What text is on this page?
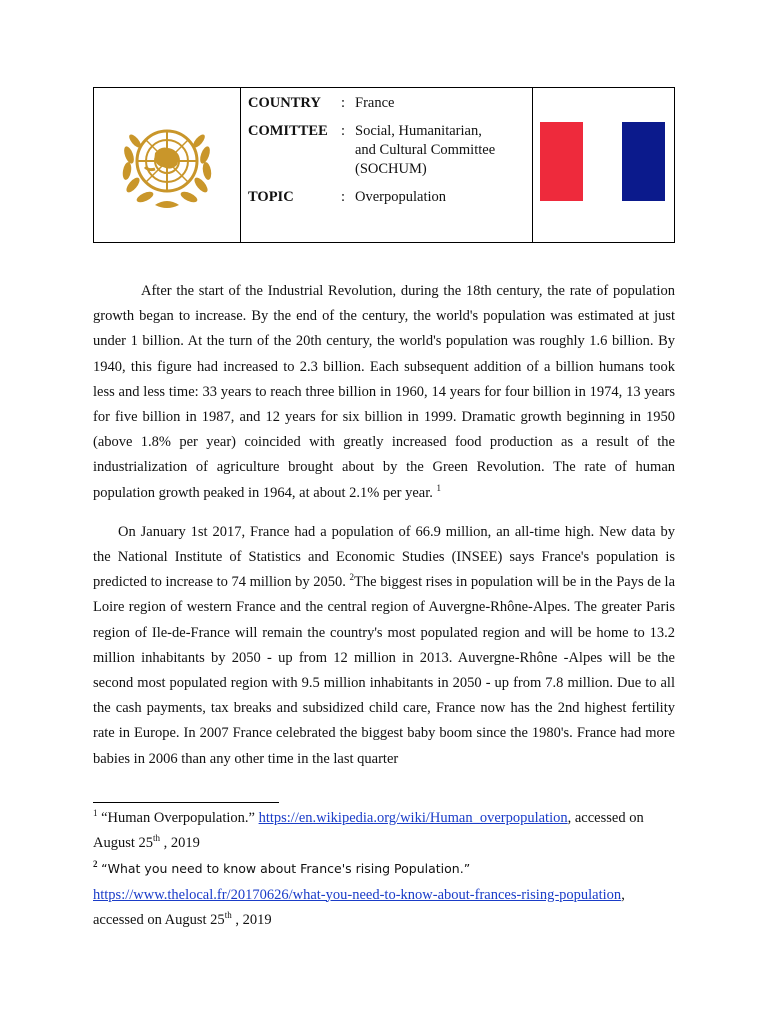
COUNTRY	: France
COMITTEE : Social, Humanitarian,
and Cultural Committee
(SOCHUM)
TOPIC	: Overpopulation

After the start of the Industrial Revolution, during the 18th century, the rate of population growth began to increase. By the end of the century, the world's population was estimated at just under 1 billion. At the turn of the 20th century, the world's population was roughly 1.6 billion. By 1940, this figure had increased to 2.3 billion. Each subsequent addition of a billion humans took less and less time: 33 years to reach three billion in 1960, 14 years for four billion in 1974, 13 years for five billion in 1987, and 12 years for six billion in 1999. Dramatic growth beginning in 1950 (above 1.8% per year) coincided with greatly increased food production as a result of the industrialization of agriculture brought about by the Green Revolution. The rate of human population growth peaked in 1964, at about 2.1% per year. $^1$

On January 1st 2017, France had a population of 66.9 million, an all-time high. New data by the National Institute of Statistics and Economic Studies (INSEE) says France's population is predicted to increase to 74 million by 2050. $^2$The biggest rises in population will be in the Pays de la Loire region of western France and the central region of Auvergne-Rhône-Alpes. The greater Paris region of Ile-de-France will remain the country's most populated region and will be home to 13.2 million inhabitants by 2050 - up from 12 million in 2013. Auvergne-Rhône -Alpes will be the second most populated region with 9.5 million inhabitants in 2050 - up from 7.8 million. Due to all the cash payments, tax breaks and subsidized child care, France now has the 2nd highest fertility rate in Europe. In 2007 France celebrated the biggest baby boom since the 1980's. France had more babies in 2006 than any other time in the last quarter

$^1$ “Human Overpopulation.” https://en.wikipedia.org/wiki/Human_overpopulation, accessed on August 25th , 2019

$^2$ “What you need to know about France's rising Population.”

https://www.thelocal.fr/20170626/what-you-need-to-know-about-frances-rising-population,

accessed on August 25th , 2019
